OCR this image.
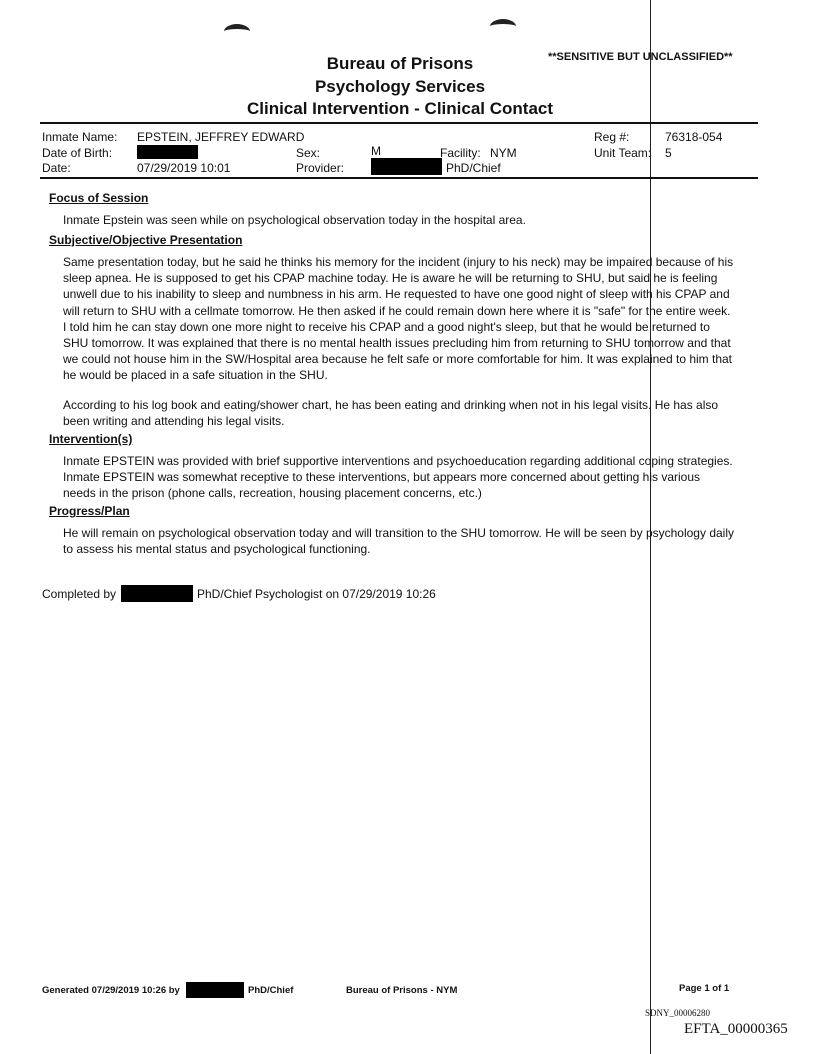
**SENSITIVE BUT UNCLASSIFIED**
Bureau of Prisons
Psychology Services
Clinical Intervention - Clinical Contact
Inmate Name: EPSTEIN, JEFFREY EDWARD
Date of Birth:
Date:	07/29/2019 10:01
Sex:	M
Provider:	PhD/Chief
Facility: NYM
Reg #:	76318-054
Unit Team: 5
Focus of Session
Inmate Epstein was seen while on psychological observation today in the hospital area.
Subjective/Objective Presentation
Same presentation today, but he said he thinks his memory for the incident (injury to his neck) may be impaired because of his sleep apnea. He is supposed to get his CPAP machine today. He is aware he will be returning to SHU, but said he is feeling unwell due to his inability to sleep and numbness in his arm. He requested to have one good night of sleep with his CPAP and will return to SHU with a cellmate tomorrow. He then asked if he could remain down here where it is "safe" for the entire week. I told him he can stay down one more night to receive his CPAP and a good night's sleep, but that he would be returned to SHU tomorrow. It was explained that there is no mental health issues precluding him from returning to SHU tomorrow and that we could not house him in the SW/Hospital area because he felt safe or more comfortable for him. It was explained to him that he would be placed in a safe situation in the SHU.
According to his log book and eating/shower chart, he has been eating and drinking when not in his legal visits. He has also been writing and attending his legal visits.
Intervention(s)
Inmate EPSTEIN was provided with brief supportive interventions and psychoeducation regarding additional coping strategies. Inmate EPSTEIN was somewhat receptive to these interventions, but appears more concerned about getting his various needs in the prison (phone calls, recreation, housing placement concerns, etc.)
Progress/Plan
He will remain on psychological observation today and will transition to the SHU tomorrow. He will be seen by psychology daily to assess his mental status and psychological functioning.
Completed by	PhD/Chief Psychologist on 07/29/2019 10:26
Generated 07/29/2019 10:26 by	PhD/Chief	Bureau of Prisons - NYM	Page 1 of 1
SDNY_00006280
EFTA_00000365
